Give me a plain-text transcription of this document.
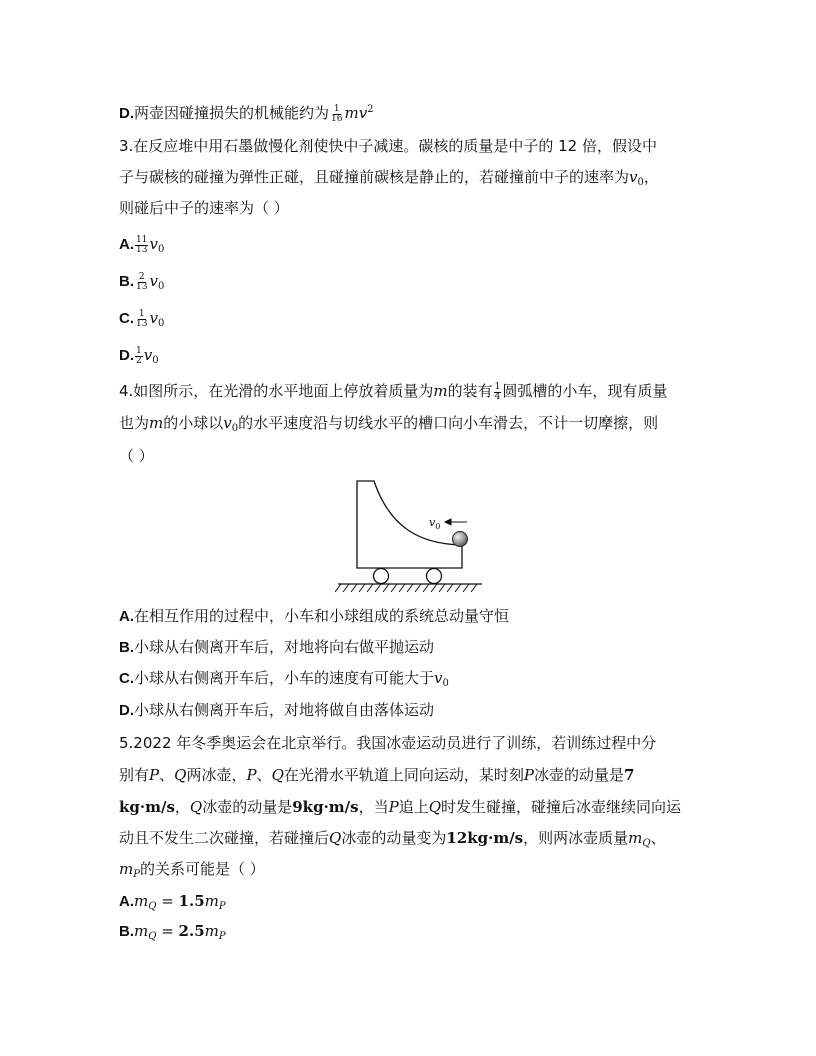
D.两壶因碰撞损失的机械能约为 $\frac{1}{16} mv^2$
3.在反应堆中用石墨做慢化剂使快中子减速。碳核的质量是中子的 12 倍，假设中
子与碳核的碰撞为弹性正碰，且碰撞前碳核是静止的，若碰撞前中子的速率为$v_0$，
则碰后中子的速率为（ ）
A. $\frac{11}{13} v_0$
B. $\frac{2}{13} v_0$
C. $\frac{1}{13} v_0$
D. $\frac{1}{2} v_0$
4.如图所示，在光滑的水平地面上停放着质量为m的装有 $\frac{1}{4}$ 圆弧槽的小车，现有质量
也为m的小球以$v_0$的水平速度沿与切线水平的槽口向小车滑去，不计一切摩擦，则
（ ）
$v_0$
A.在相互作用的过程中，小车和小球组成的系统总动量守恒
B.小球从右侧离开车后，对地将向右做平抛运动
C.小球从右侧离开车后，小车的速度有可能大于$v_0$
D.小球从右侧离开车后，对地将做自由落体运动
5.2022 年冬季奥运会在北京举行。我国冰壶运动员进行了训练，若训练过程中分
别有P、Q两冰壶，P、Q在光滑水平轨道上同向运动，某时刻P冰壶的动量是7
kg·m/s，Q冰壶的动量是9kg·m/s，当P追上Q时发生碰撞，碰撞后冰壶继续同向运
动且不发生二次碰撞，若碰撞后Q冰壶的动量变为12kg·m/s，则两冰壶质量$m_Q$、
$m_P$的关系可能是（ ）
$A.m_Q = 1.5m_P$
$B.m_Q = 2.5m_P$
